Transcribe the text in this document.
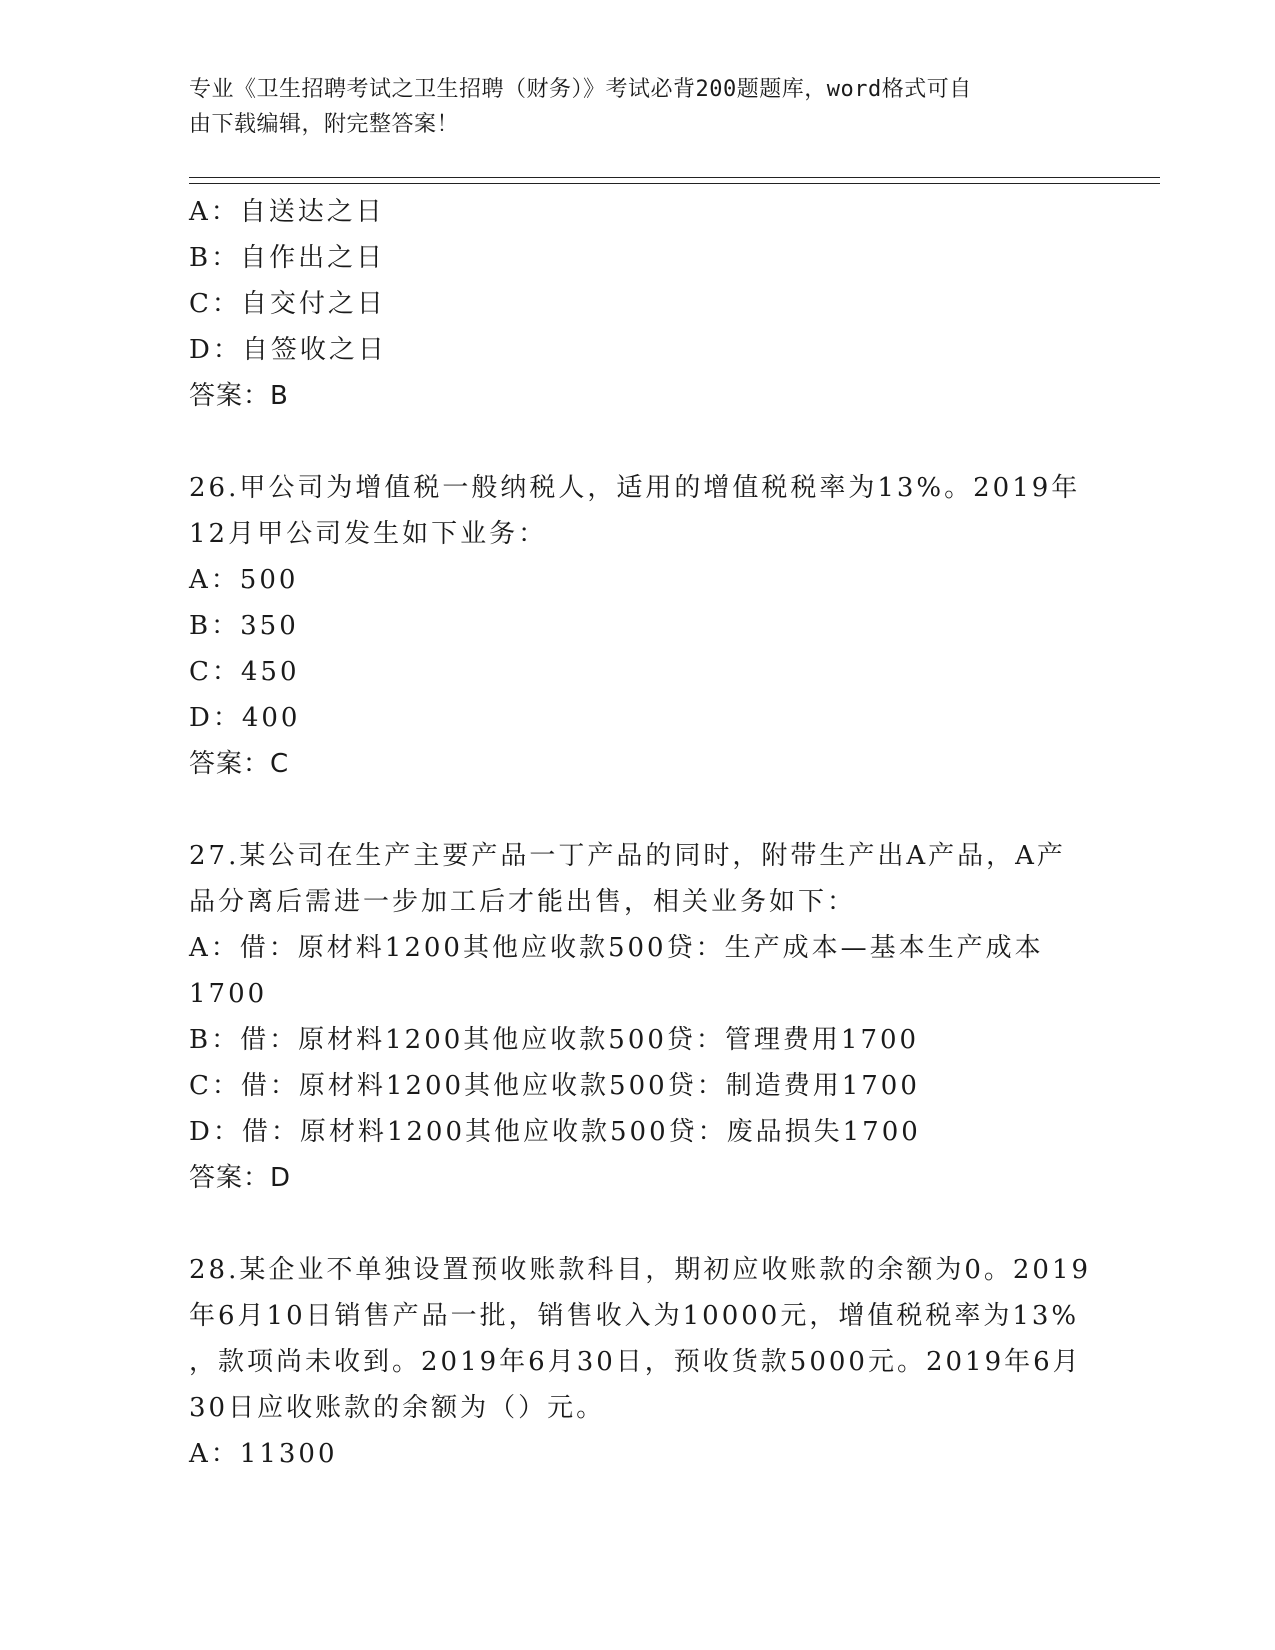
专业《卫生招聘考试之卫生招聘（财务）》考试必背200题题库，word格式可自
由下载编辑，附完整答案！
A：自送达之日
B：自作出之日
C：自交付之日
D：自签收之日
答案：B
26.甲公司为增值税一般纳税人，适用的增值税税率为13%。2019年
12月甲公司发生如下业务：
A：500
B：350
C：450
D：400
答案：C
27.某公司在生产主要产品一丁产品的同时，附带生产出A产品，A产
品分离后需进一步加工后才能出售，相关业务如下：
A：借：原材料1200其他应收款500贷：生产成本—基本生产成本
1700
B：借：原材料1200其他应收款500贷：管理费用1700
C：借：原材料1200其他应收款500贷：制造费用1700
D：借：原材料1200其他应收款500贷：废品损失1700
答案：D
28.某企业不单独设置预收账款科目，期初应收账款的余额为0。2019
年6月10日销售产品一批，销售收入为10000元，增值税税率为13%
，款项尚未收到。2019年6月30日，预收货款5000元。2019年6月
30日应收账款的余额为（）元。
A：11300
